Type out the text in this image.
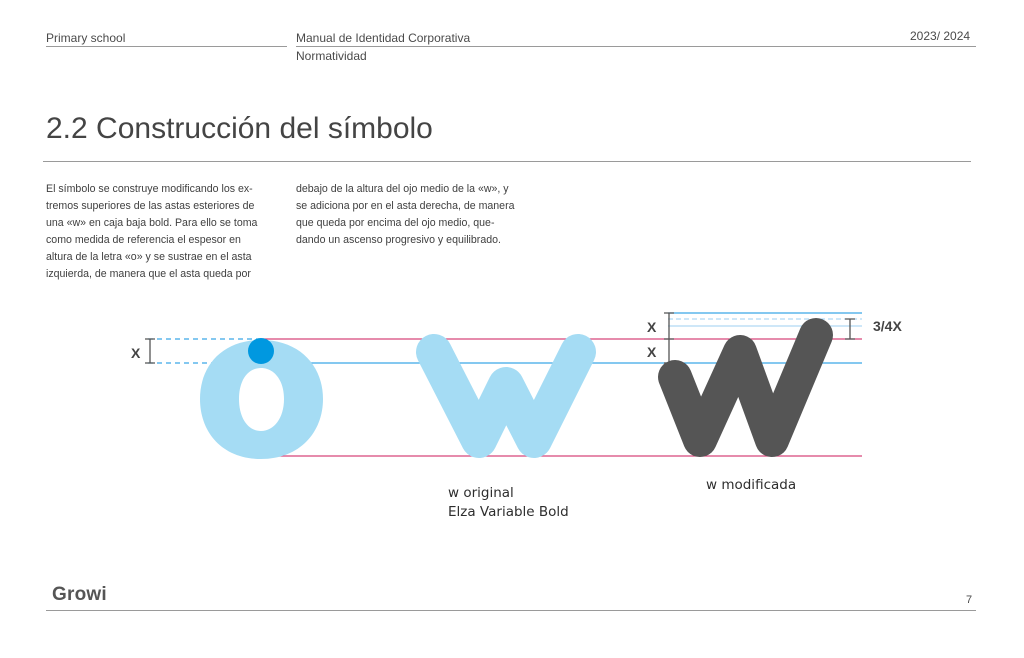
Primary school	Manual de Identidad Corporativa
Normatividad
2023/ 2024
2.2 Construcción del símbolo
El símbolo se construye modificando los ex-
tremos superiores de las astas esteriores de
una «w» en caja baja bold. Para ello se toma
como medida de referencia el espesor en
altura de la letra «o» y se sustrae en el asta
izquierda, de manera que el asta queda por
debajo de la altura del ojo medio de la «w», y
se adiciona por en el asta derecha, de manera
que queda por encima del ojo medio, que-
dando un ascenso progresivo y equilibrado.
X
X
X
3/4X
w original
Elza Variable Bold
w modificada
Growi	7
